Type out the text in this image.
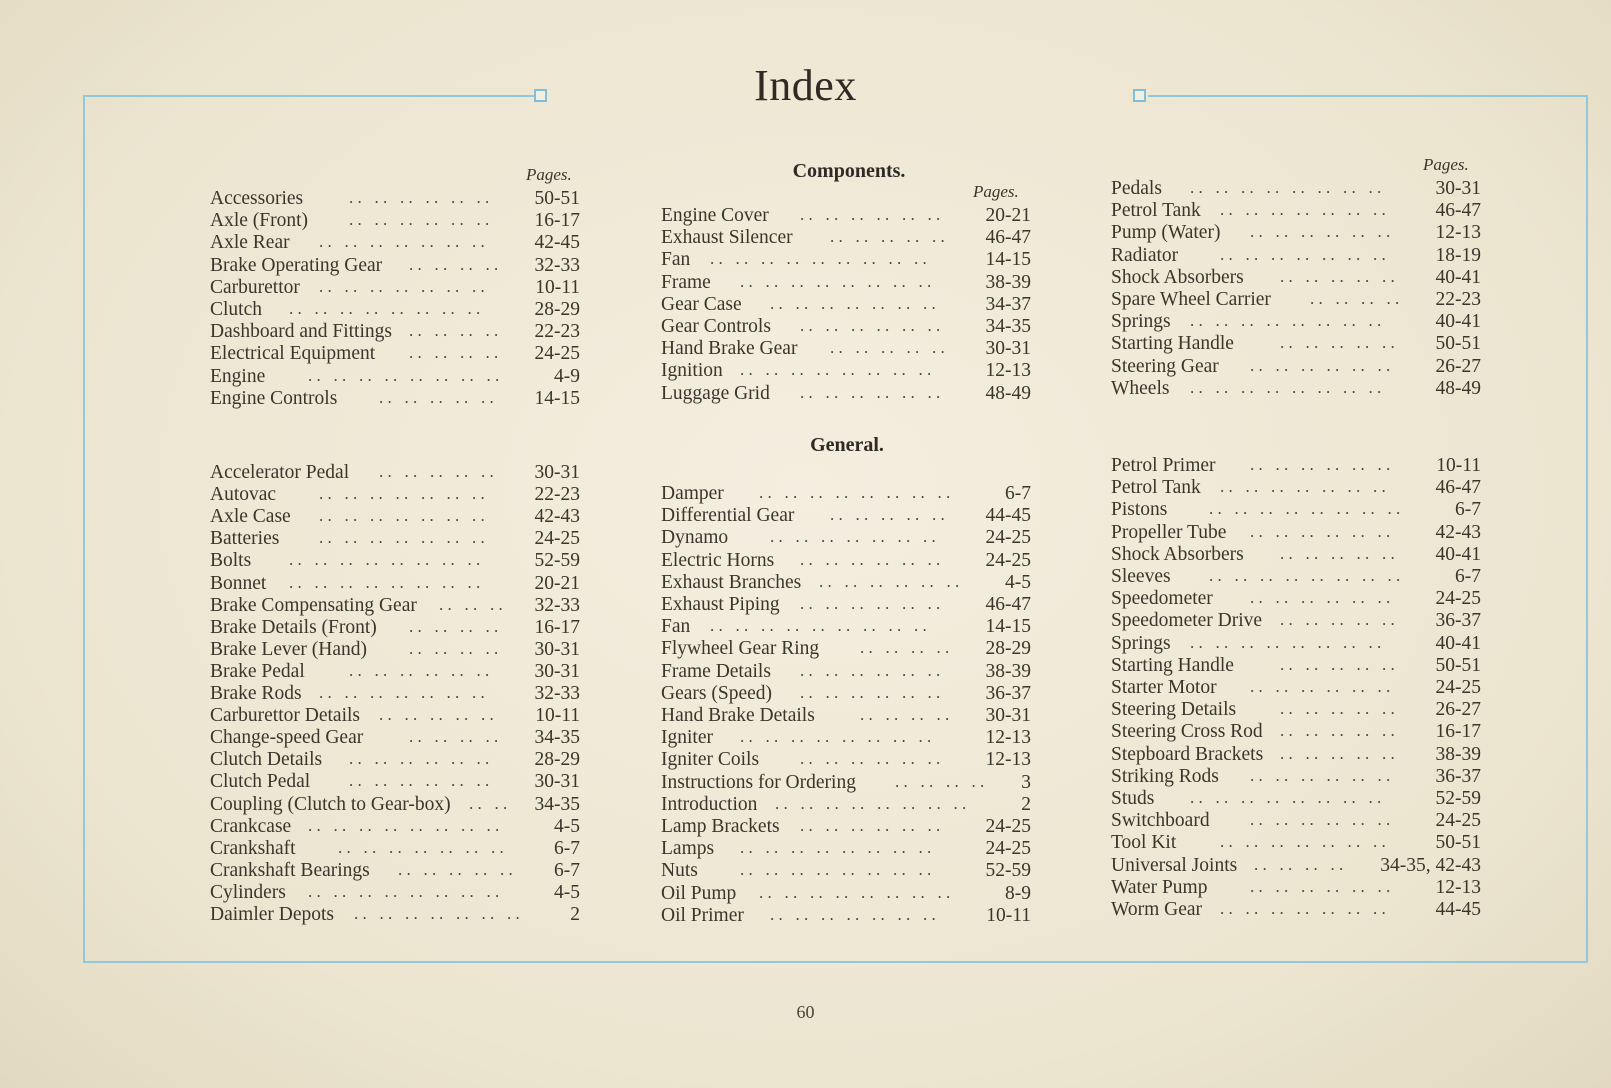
Index
Components.
General.
Pages.
Pages.
Pages.
Accessories	. .   . .   . .   . .   . .   . . 50-51
Axle (Front) . .   . .   . .   . .   . .   . . 16-17
Axle Rear . .   . .   . .   . .   . .   . .   . . 42-45
Brake Operating Gear . .   . .   . .   . . 32-33
Carburettor . .   . .   . .   . .   . .   . .   . . 10-11
Clutch . .   . .   . .   . .   . .   . .   . .   . . 28-29
Dashboard and Fittings . .   . .   . .   . . 22-23
Electrical Equipment . .   . .   . .   . . 24-25
Engine	. .   . .   . .   . .   . .   . .   . .   . . 4-9
Engine Controls . .   . .   . .   . .   . . 14-15
Engine Cover . .   . .   . .   . .   . .   . . 20-21
Exhaust Silencer . .   . .   . .   . .   . . 46-47
Fan . .   . .   . .   . .   . .   . .   . .   . .   . . 14-15
Frame . .   . .   . .   . .   . .   . .   . .   . . 38-39
Gear Case . .   . .   . .   . .   . .   . .   . . 34-37
Gear Controls . .   . .   . .   . .   . .   . . 34-35
Hand Brake Gear . .   . .   . .   . .   . . 30-31
Ignition . .   . .   . .   . .   . .   . .   . .   . . 12-13
Luggage Grid . .   . .   . .   . .   . .   . . 48-49
Pedals . .   . .   . .   . .   . .   . .   . .   . . 30-31
Petrol Tank . .   . .   . .   . .   . .   . .   . . 46-47
Pump (Water) . .   . .   . .   . .   . .   . . 12-13
Radiator . .   . .   . .   . .   . .   . .   . . 18-19
Shock Absorbers . .   . .   . .   . .   . . 40-41
Spare Wheel Carrier . .   . .   . .   . . 22-23
Springs . .   . .   . .   . .   . .   . .   . .   . . 40-41
Starting Handle	. .   . .   . .   . .   . . 50-51
Steering Gear . .   . .   . .   . .   . .   . . 26-27
Wheels . .   . .   . .   . .   . .   . .   . .   . . 48-49
Accelerator Pedal . .   . .   . .   . .   . . 30-31
Autovac	. .   . .   . .   . .   . .   . .   . . 22-23
Axle Case . .   . .   . .   . .   . .   . .   . . 42-43
Batteries . .   . .   . .   . .   . .   . .   . . 24-25
Bolts . .   . .   . .   . .   . .   . .   . .   . . 52-59
Bonnet . .   . .   . .   . .   . .   . .   . .   . . 20-21
Brake Compensating Gear . .   . .   . . 32-33
Brake Details (Front) . .   . .   . .   . . 16-17
Brake Lever (Hand) . .   . .   . .   . . 30-31
Brake Pedal	. .   . .   . .   . .   . .   . . 30-31
Brake Rods . .   . .   . .   . .   . .   . .   . . 32-33
Carburettor Details . .   . .   . .   . .   . . 10-11
Change-speed Gear	. .   . .   . .   . . 34-35
Clutch Details . .   . .   . .   . .   . .   . . 28-29
Clutch Pedal . .   . .   . .   . .   . .   . . 30-31
Coupling (Clutch to Gear-box) . .   . . 34-35
Crankcase . .   . .   . .   . .   . .   . .   . .   . . 4-5
Crankshaft . .   . .   . .   . .   . .   . .   . . 6-7
Crankshaft Bearings . .   . .   . .   . .   . . 6-7
Cylinders . .   . .   . .   . .   . .   . .   . .   . . 4-5
Daimler Depots . .   . .   . .   . .   . .   . .   . . 2
Damper . .   . .   . .   . .   . .   . .   . .   . . 6-7
Differential Gear . .   . .   . .   . .   . . 44-45
Dynamo . .   . .   . .   . .   . .   . .   . . 24-25
Electric Horns . .   . .   . .   . .   . .   . . 24-25
Exhaust Branches . .   . .   . .   . .   . .   . . 4-5
Exhaust Piping . .   . .   . .   . .   . .   . . 46-47
Fan . .   . .   . .   . .   . .   . .   . .   . .   . . 14-15
Flywheel Gear Ring . .   . .   . .   . . 28-29
Frame Details . .   . .   . .   . .   . .   . . 38-39
Gears (Speed) . .   . .   . .   . .   . .   . . 36-37
Hand Brake Details	. .   . .   . .   . . 30-31
Igniter . .   . .   . .   . .   . .   . .   . .   . . 12-13
Igniter Coils . .   . .   . .   . .   . .   . . 12-13
Instructions for Ordering . .   . .   . .   . . 3
Introduction . .   . .   . .   . .   . .   . .   . .   . . 2
Lamp Brackets . .   . .   . .   . .   . .   . . 24-25
Lamps . .   . .   . .   . .   . .   . .   . .   . . 24-25
Nuts . .   . .   . .   . .   . .   . .   . .   . . 52-59
Oil Pump . .   . .   . .   . .   . .   . .   . .   . . 8-9
Oil Primer . .   . .   . .   . .   . .   . .   . . 10-11
Petrol Primer . .   . .   . .   . .   . .   . . 10-11
Petrol Tank . .   . .   . .   . .   . .   . .   . . 46-47
Pistons . .   . .   . .   . .   . .   . .   . .   . . 6-7
Propeller Tube . .   . .   . .   . .   . .   . . 42-43
Shock Absorbers . .   . .   . .   . .   . . 40-41
Sleeves . .   . .   . .   . .   . .   . .   . .   . . 6-7
Speedometer . .   . .   . .   . .   . .   . . 24-25
Speedometer Drive . .   . .   . .   . .   . . 36-37
Springs . .   . .   . .   . .   . .   . .   . .   . . 40-41
Starting Handle	. .   . .   . .   . .   . . 50-51
Starter Motor . .   . .   . .   . .   . .   . . 24-25
Steering Details	. .   . .   . .   . .   . . 26-27
Steering Cross Rod . .   . .   . .   . .   . . 16-17
Stepboard Brackets . .   . .   . .   . .   . . 38-39
Striking Rods . .   . .   . .   . .   . .   . . 36-37
Studs . .   . .   . .   . .   . .   . .   . .   . . 52-59
Switchboard . .   . .   . .   . .   . .   . . 24-25
Tool Kit	. .   . .   . .   . .   . .   . .   . . 50-51
Universal Joints . .   . .   . .   . . 34-35, 42-43
Water Pump	. .   . .   . .   . .   . .   . . 12-13
Worm Gear . .   . .   . .   . .   . .   . .   . . 44-45
60
